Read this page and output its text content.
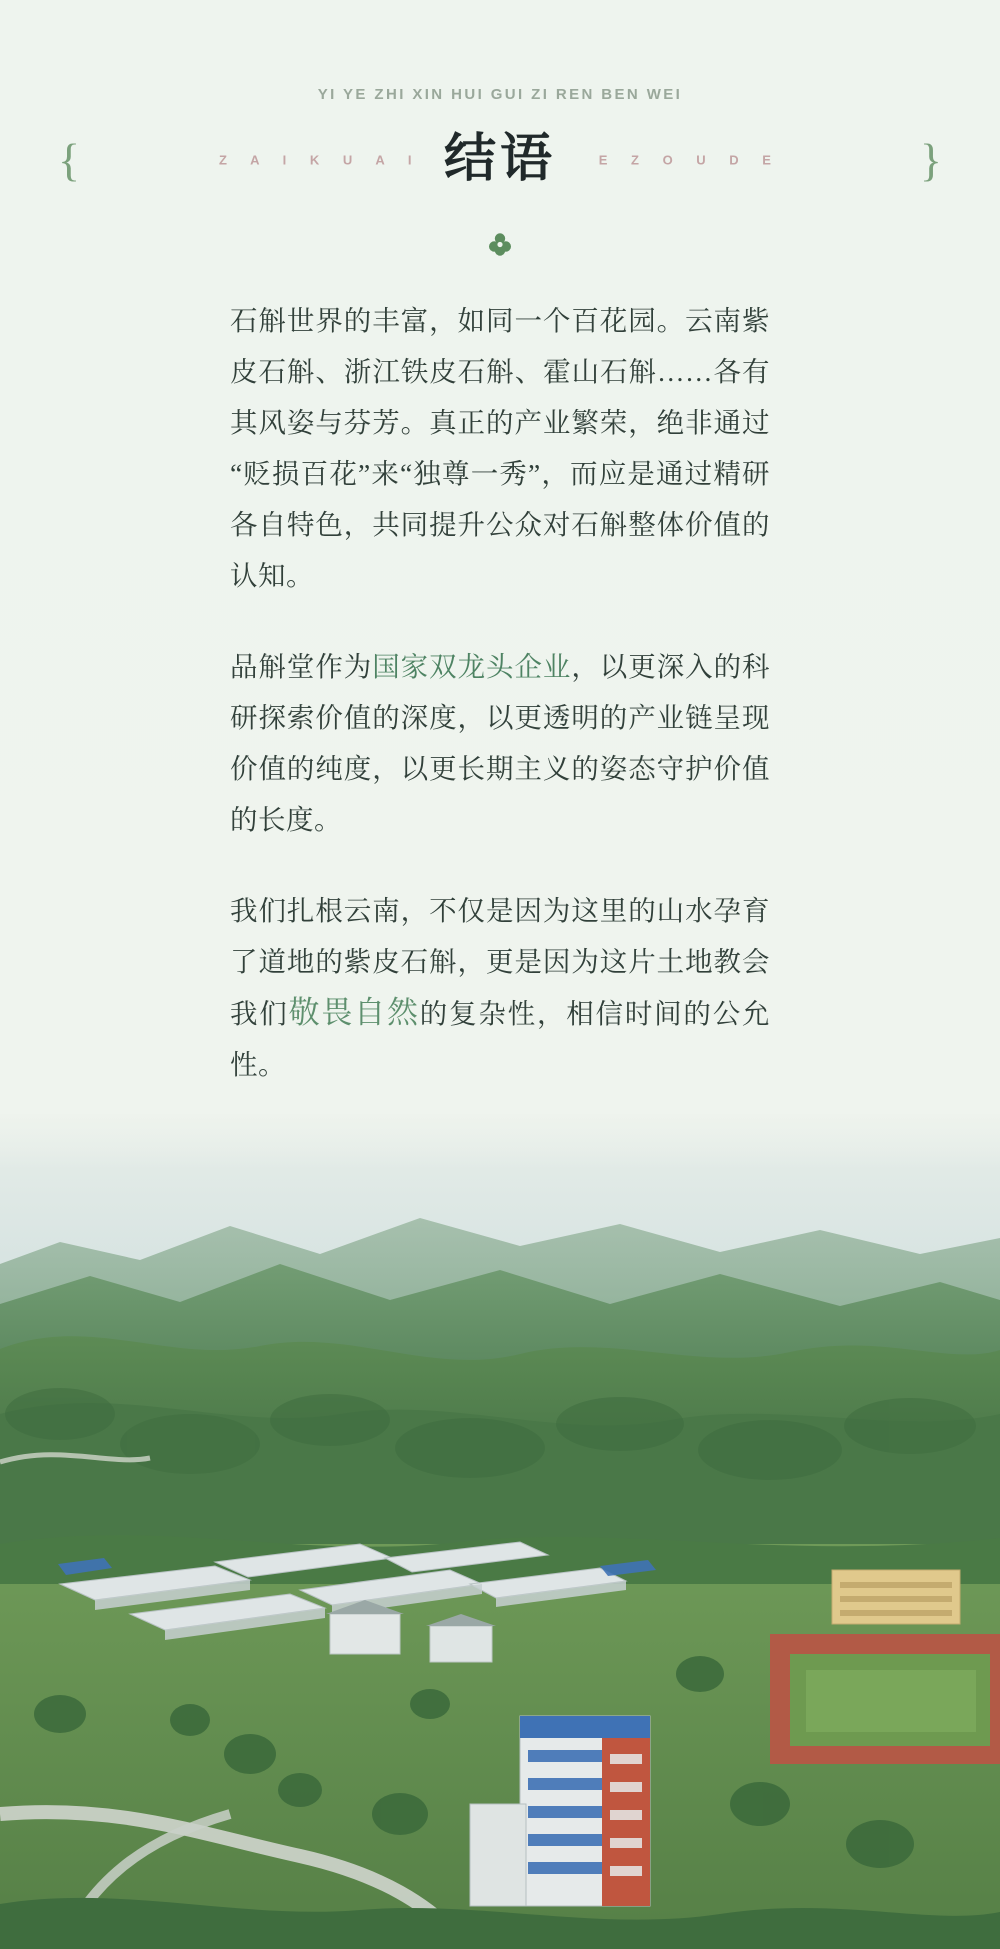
YI YE ZHI XIN HUI GUI ZI REN BEN WEI
{	Z A I K U A I	E Z O U D E
结语	}

石斛世界的丰富，如同一个百花园。云南紫皮石斛、浙江铁皮石斛、霍山石斛……各有其风姿与芬芳。真正的产业繁荣，绝非通过“贬损百花”来“独尊一秀”，而应是通过精研各自特色，共同提升公众对石斛整体价值的认知。

品斛堂作为国家双龙头企业，以更深入的科研探索价值的深度，以更透明的产业链呈现价值的纯度，以更长期主义的姿态守护价值的长度。

我们扎根云南，不仅是因为这里的山水孕育了道地的紫皮石斛，更是因为这片土地教会我们敬畏自然的复杂性，相信时间的公允性。
